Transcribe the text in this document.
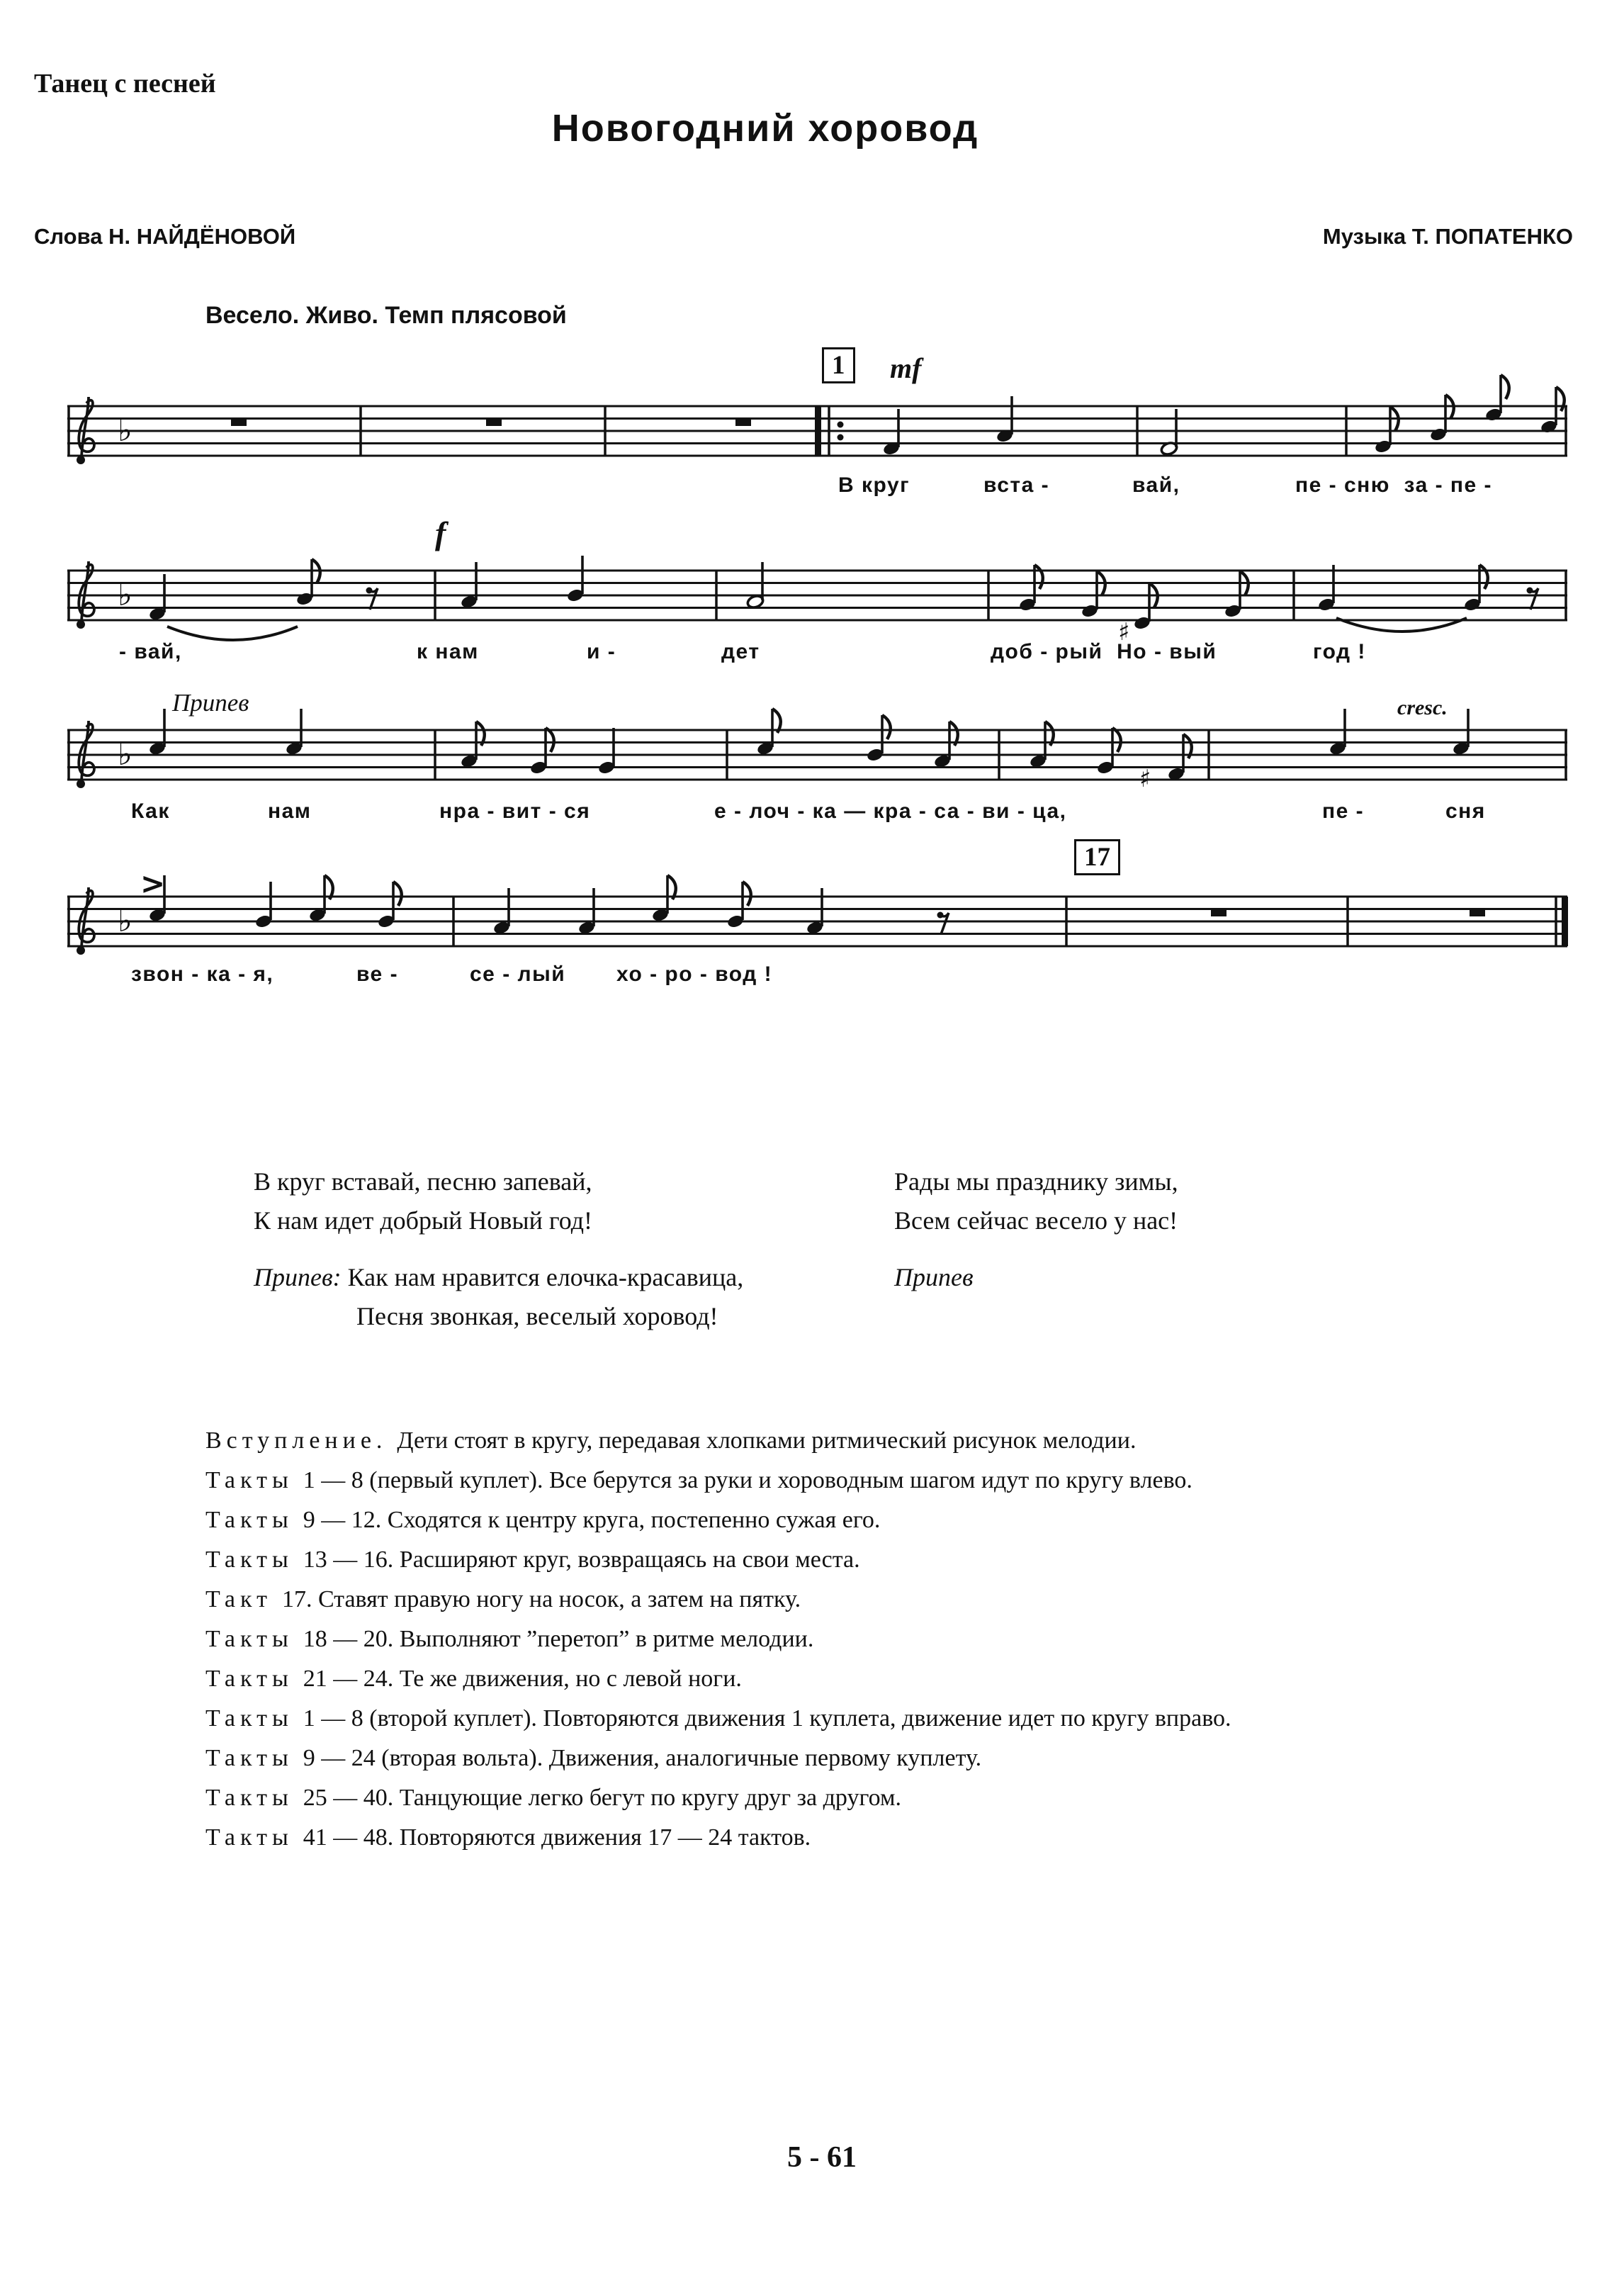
Танец с песней
Новогодний хоровод
Слова Н. НАЙДЁНОВОЙ	Музыка Т. ПОПАТЕНКО
Весело. Живо. Темп плясовой
♭
1	mf
В круг	вста -	вай,	пе - сню  за - пе -
♭
♯
f
- вай,	к нам	и -	дет	доб - рый  Но - вый	год !
♭
♯
Припев	cresc.
Как	нам	нра - вит - ся	е - лоч - ка — кра - са - ви - ца,	пе -	сня
♭
>
17
звон - ка - я,	ве -	се - лый хо - ро - вод !
В круг вставай, песню запевай,
К нам идет добрый Новый год!
Припев: Как нам нравится елочка-красавица,
Песня звонкая, веселый хоровод!
Рады мы празднику зимы,
Всем сейчас весело у нас!
Припев

Вступление. Дети стоят в кругу, передавая хлопками ритмический рисунок мелодии.

Такты 1 — 8 (первый куплет). Все берутся за руки и хороводным шагом идут по кругу влево.

Такты 9 — 12. Сходятся к центру круга, постепенно сужая его.

Такты 13 — 16. Расширяют круг, возвращаясь на свои места.

Такт 17. Ставят правую ногу на носок, а затем на пятку.

Такты 18 — 20. Выполняют ”перетоп” в ритме мелодии.

Такты 21 — 24. Те же движения, но с левой ноги.

Такты 1 — 8 (второй куплет). Повторяются движения 1 куплета, движение идет по кругу вправо.

Такты 9 — 24 (вторая вольта). Движения, аналогичные первому куплету.

Такты 25 — 40. Танцующие легко бегут по кругу друг за другом.

Такты 41 — 48. Повторяются движения 17 — 24 тактов.

5 - 61
